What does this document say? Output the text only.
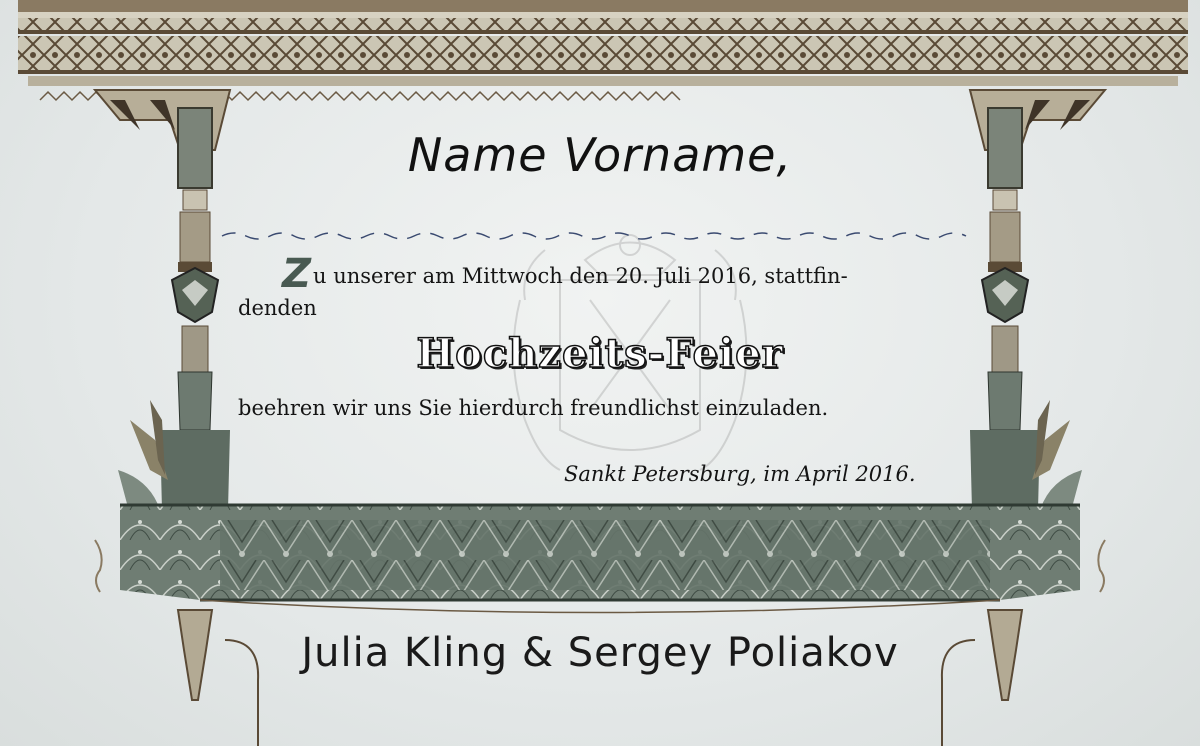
Name Vorname,
Zu unserer am Mittwoch den 20. Juli 2016, stattfin-
denden
Hochzeits-Feier
beehren wir uns Sie hierdurch freundlichst einzuladen.
Sankt Petersburg, im April 2016.
Julia Kling & Sergey Poliakov
